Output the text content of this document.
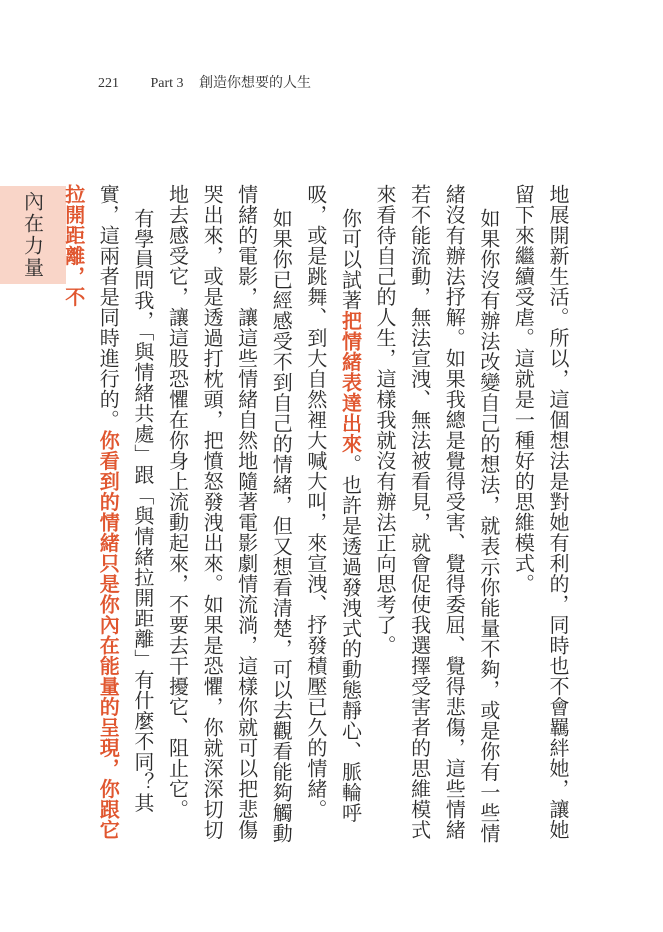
221 Part 3 創造你想要的人生
內在力量	地展開新生活。所以，這個想法是對她有利的，同時也不會羈絆她，讓她留下來繼續受虐。這就是一種好的思維模式。

如果你沒有辦法改變自己的想法，就表示你能量不夠，或是你有一些情緒沒有辦法抒解。如果我總是覺得受害、覺得委屈、覺得悲傷，這些情緒若不能流動，無法宣洩、無法被看見，就會促使我選擇受害者的思維模式來看待自己的人生，這樣我就沒有辦法正向思考了。

你可以試著把情緒表達出來。也許是透過發洩式的動態靜心、脈輪呼吸，或是跳舞、到大自然裡大喊大叫，來宣洩、抒發積壓已久的情緒。

如果你已經感受不到自己的情緒，但又想看清楚，可以去觀看能夠觸動情緒的電影，讓這些情緒自然地隨著電影劇情流淌，這樣你就可以把悲傷哭出來，或是透過打枕頭，把憤怒發洩出來。如果是恐懼，你就深深切切地去感受它，讓這股恐懼在你身上流動起來，不要去干擾它、阻止它。

有學員問我，「與情緒共處」跟「與情緒拉開距離」有什麼不同？其實，這兩者是同時進行的。你看到的情緒只是你內在能量的呈現，你跟它拉開距離，不
